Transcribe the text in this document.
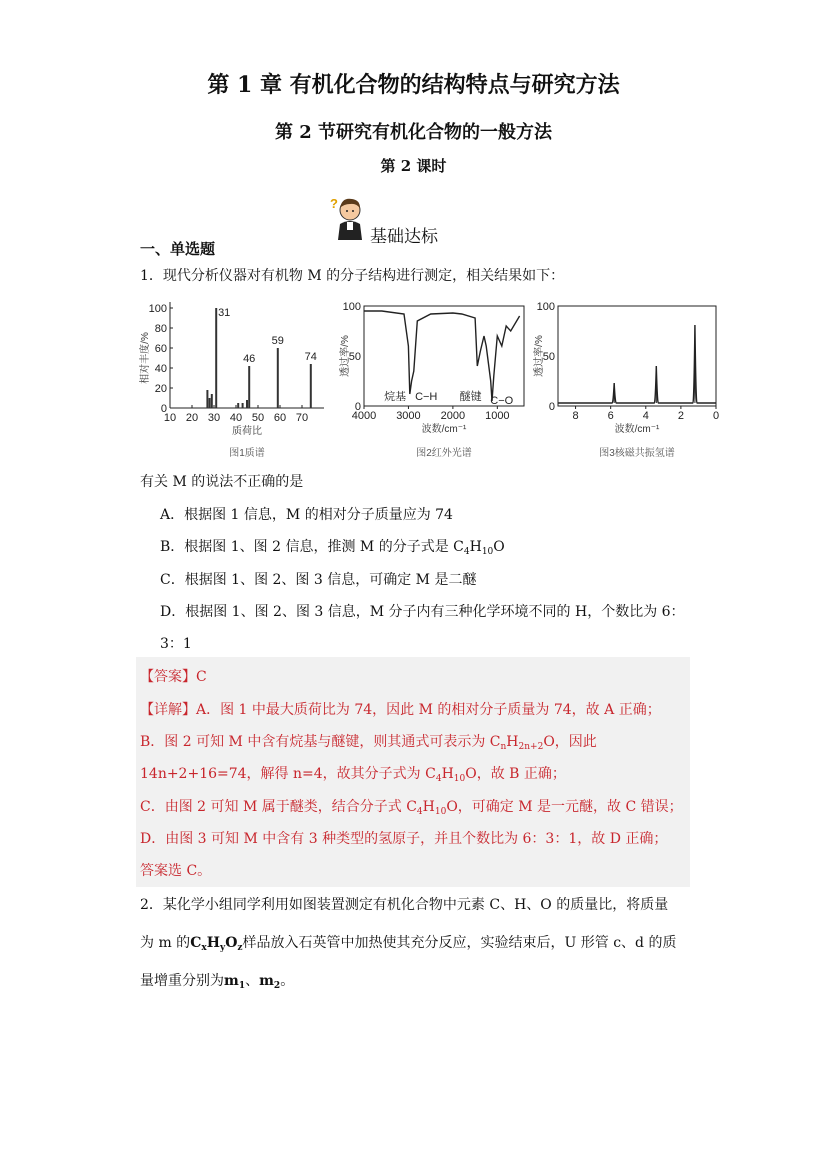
第 1 章 有机化合物的结构特点与研究方法
第 2 节研究有机化合物的一般方法
第 2 课时
?
基础达标
一、单选题
1．现代分析仪器对有机物 M 的分子结构进行测定，相关结果如下：
0
20
40
60
80
100
10 20 30 40 50 60 70
31
46
59
74
相对丰度/%
质荷比
图1质谱
0
50
100
4000 3000 2000 1000
烷基 C−H 醚键 C−O
透过率/%
波数/cm⁻¹
图2红外光谱
0
50
100
8	6	4	2	0
透过率/%
波数/cm⁻¹
图3核磁共振氢谱
有关 M 的说法不正确的是
A．根据图 1 信息，M 的相对分子质量应为 74
B．根据图 1、图 2 信息，推测 M 的分子式是 $C_4H_{10}O$
C．根据图 1、图 2、图 3 信息，可确定 M 是二醚
D．根据图 1、图 2、图 3 信息，M 分子内有三种化学环境不同的 H，个数比为 6：
3：1
【答案】C
【详解】A．图 1 中最大质荷比为 74，因此 M 的相对分子质量为 74，故 A 正确；
B．图 2 可知 M 中含有烷基与醚键，则其通式可表示为 $C_nH_{2n+2}O$，因此
14n+2+16=74，解得 n=4，故其分子式为 $C_4H_{10}O$，故 B 正确；
C．由图 2 可知 M 属于醚类，结合分子式 $C_4H_{10}O$，可确定 M 是一元醚，故 C 错误；
D．由图 3 可知 M 中含有 3 种类型的氢原子，并且个数比为 6：3：1，故 D 正确；
答案选 C。
2．某化学小组同学利用如图装置测定有机化合物中元素 C、H、O 的质量比，将质量
为 m 的$C_xH_yO_z$样品放入石英管中加热使其充分反应，实验结束后，U 形管 c、d 的质
量增重分别为$m_1$、$m_2$。
